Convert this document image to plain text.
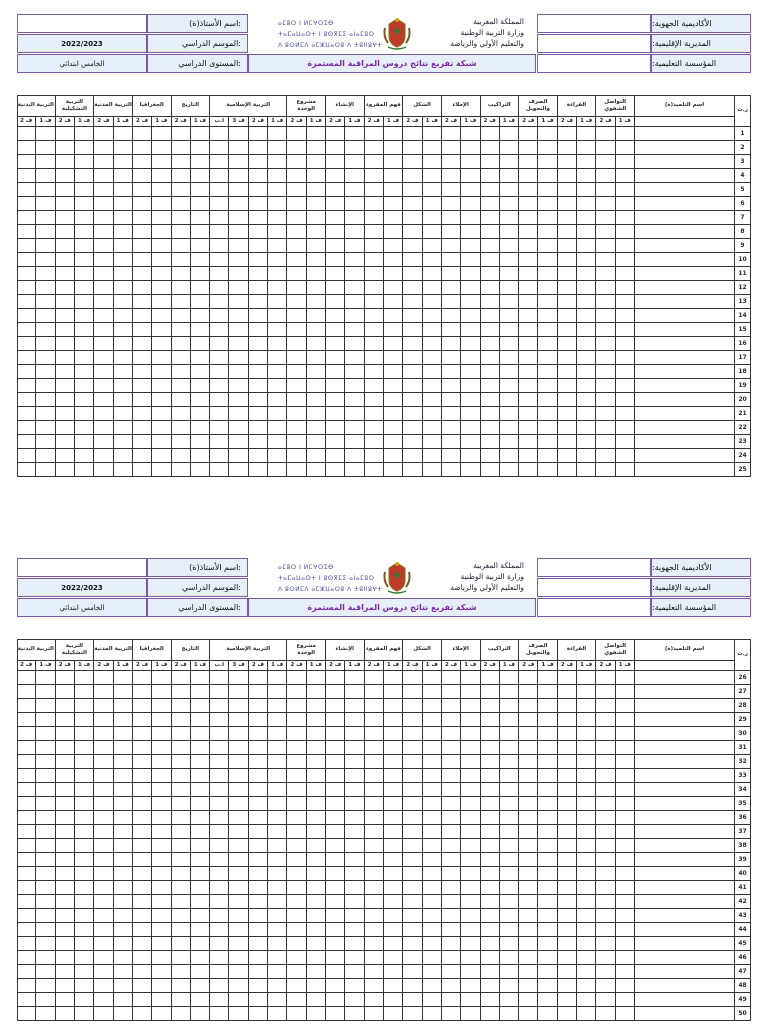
الأكاديمية الجهوية:
المديرية الإقليمية:
المؤسسة التعليمية:
2022/2023
الخامس ابتدائي
اسم الأستاذ(ة):
الموسم الدراسي:
المستوى الدراسي:
ⴰⵎⵓⵔ ⵏ ⵍⵎⵖⵔⵉⴱ
ⵜⴰⵎⴰⵡⴰⵙⵜ ⵏ ⵓⵙⴳⵎⵉ ⴰⵏⴰⵎⵓⵔ
ⴷ ⵓⵙⵍⵎⴷ ⴰⵎⵣⵡⴰⵔⵓ ⴷ ⵜⵓⵏⵏⵓⵖⵜ
المملكة المغربية
وزارة التربية الوطنية
والتعليم الأولي والرياضة
شبكة تفريغ نتائج دروس المراقبة المستمرة
ر.ت
اسم التلميذ(ة)
التواصل الشفوي
ف 1
ف 2
القراءة
ف 1
ف 2
الصرف والتحويل
ف 1
ف 2
التراكيب
ف 1
ف 2
الإملاء
ف 1
ف 2
الشكل
ف 1
ف 2
فهم المقروء
ف 1
ف 2
الإنشاء
ف 1
ف 2
مشروع الوحدة
ف 1
ف 2
التربية الإسلامية
ف 1
ف 2
ف 3
ا.ب
التاريخ
ف 1
ف 2
الجغرافيا
ف 1
ف 2
التربية المدنية
ف 1
ف 2
التربية التشكيلية
ف 1
ف 2
التربية البدنية
ف 1
ف 2
1
2
3
4
5
6
7
8
9
10
11
12
13
14
15
16
17
18
19
20
21
22
23
24
25
الأكاديمية الجهوية:
المديرية الإقليمية:
المؤسسة التعليمية:
2022/2023
الخامس ابتدائي
اسم الأستاذ(ة):
الموسم الدراسي:
المستوى الدراسي:
ⴰⵎⵓⵔ ⵏ ⵍⵎⵖⵔⵉⴱ
ⵜⴰⵎⴰⵡⴰⵙⵜ ⵏ ⵓⵙⴳⵎⵉ ⴰⵏⴰⵎⵓⵔ
ⴷ ⵓⵙⵍⵎⴷ ⴰⵎⵣⵡⴰⵔⵓ ⴷ ⵜⵓⵏⵏⵓⵖⵜ
المملكة المغربية
وزارة التربية الوطنية
والتعليم الأولي والرياضة
شبكة تفريغ نتائج دروس المراقبة المستمرة
ر.ت
اسم التلميذ(ة)
التواصل الشفوي
ف 1
ف 2
القراءة
ف 1
ف 2
الصرف والتحويل
ف 1
ف 2
التراكيب
ف 1
ف 2
الإملاء
ف 1
ف 2
الشكل
ف 1
ف 2
فهم المقروء
ف 1
ف 2
الإنشاء
ف 1
ف 2
مشروع الوحدة
ف 1
ف 2
التربية الإسلامية
ف 1
ف 2
ف 3
ا.ب
التاريخ
ف 1
ف 2
الجغرافيا
ف 1
ف 2
التربية المدنية
ف 1
ف 2
التربية التشكيلية
ف 1
ف 2
التربية البدنية
ف 1
ف 2
26
27
28
29
30
31
32
33
34
35
36
37
38
39
40
41
42
43
44
45
46
47
48
49
50
